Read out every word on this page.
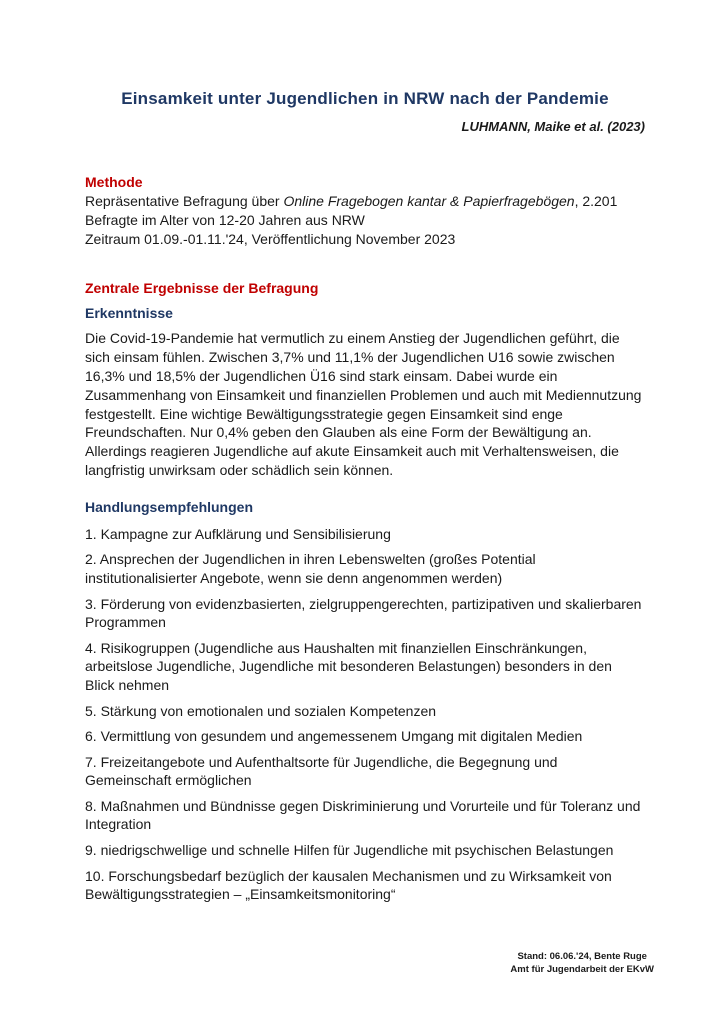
Einsamkeit unter Jugendlichen in NRW nach der Pandemie

LUHMANN, Maike et al. (2023)

Methode

Repräsentative Befragung über Online Fragebogen kantar & Papierfragebögen, 2.201

Befragte im Alter von 12-20 Jahren aus NRW

Zeitraum 01.09.-01.11.'24, Veröffentlichung November 2023

Zentrale Ergebnisse der Befragung
Erkenntnisse

Die Covid-19-Pandemie hat vermutlich zu einem Anstieg der Jugendlichen geführt, die sich einsam fühlen. Zwischen 3,7% und 11,1% der Jugendlichen U16 sowie zwischen 16,3% und 18,5% der Jugendlichen Ü16 sind stark einsam. Dabei wurde ein Zusammenhang von Einsamkeit und finanziellen Problemen und auch mit Mediennutzung festgestellt. Eine wichtige Bewältigungsstrategie gegen Einsamkeit sind enge Freundschaften. Nur 0,4% geben den Glauben als eine Form der Bewältigung an. Allerdings reagieren Jugendliche auf akute Einsamkeit auch mit Verhaltensweisen, die langfristig unwirksam oder schädlich sein können.

Handlungsempfehlungen

1. Kampagne zur Aufklärung und Sensibilisierung

2. Ansprechen der Jugendlichen in ihren Lebenswelten (großes Potential institutionalisierter Angebote, wenn sie denn angenommen werden)

3. Förderung von evidenzbasierten, zielgruppengerechten, partizipativen und skalierbaren Programmen

4. Risikogruppen (Jugendliche aus Haushalten mit finanziellen Einschränkungen, arbeitslose Jugendliche, Jugendliche mit besonderen Belastungen) besonders in den Blick nehmen

5. Stärkung von emotionalen und sozialen Kompetenzen

6. Vermittlung von gesundem und angemessenem Umgang mit digitalen Medien

7. Freizeitangebote und Aufenthaltsorte für Jugendliche, die Begegnung und Gemeinschaft ermöglichen

8. Maßnahmen und Bündnisse gegen Diskriminierung und Vorurteile und für Toleranz und Integration

9. niedrigschwellige und schnelle Hilfen für Jugendliche mit psychischen Belastungen

10. Forschungsbedarf bezüglich der kausalen Mechanismen und zu Wirksamkeit von Bewältigungsstrategien – „Einsamkeitsmonitoring“

Stand: 06.06.'24, Bente Ruge
Amt für Jugendarbeit der EKvW
